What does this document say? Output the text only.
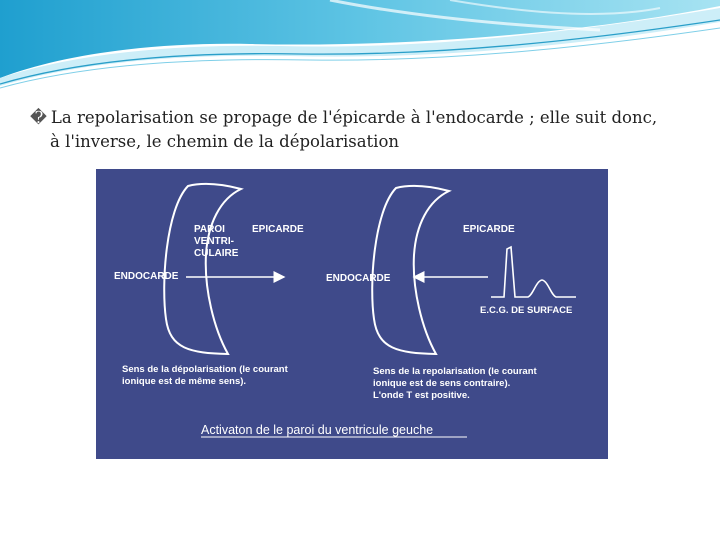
� La repolarisation se propage de l'épicarde à l'endocarde ; elle suit donc,
à l'inverse, le chemin de la dépolarisation
PAROI
VENTRI-
CULAIRE
EPICARDE
ENDOCARDE
Sens de la dépolarisation (le courant
ionique est de même sens).
EPICARDE
ENDOCARDE
E.C.G. DE SURFACE
Sens de la repolarisation (le courant
ionique est de sens contraire).
L'onde T est positive.
Activaton de le paroi du ventricule geuche
